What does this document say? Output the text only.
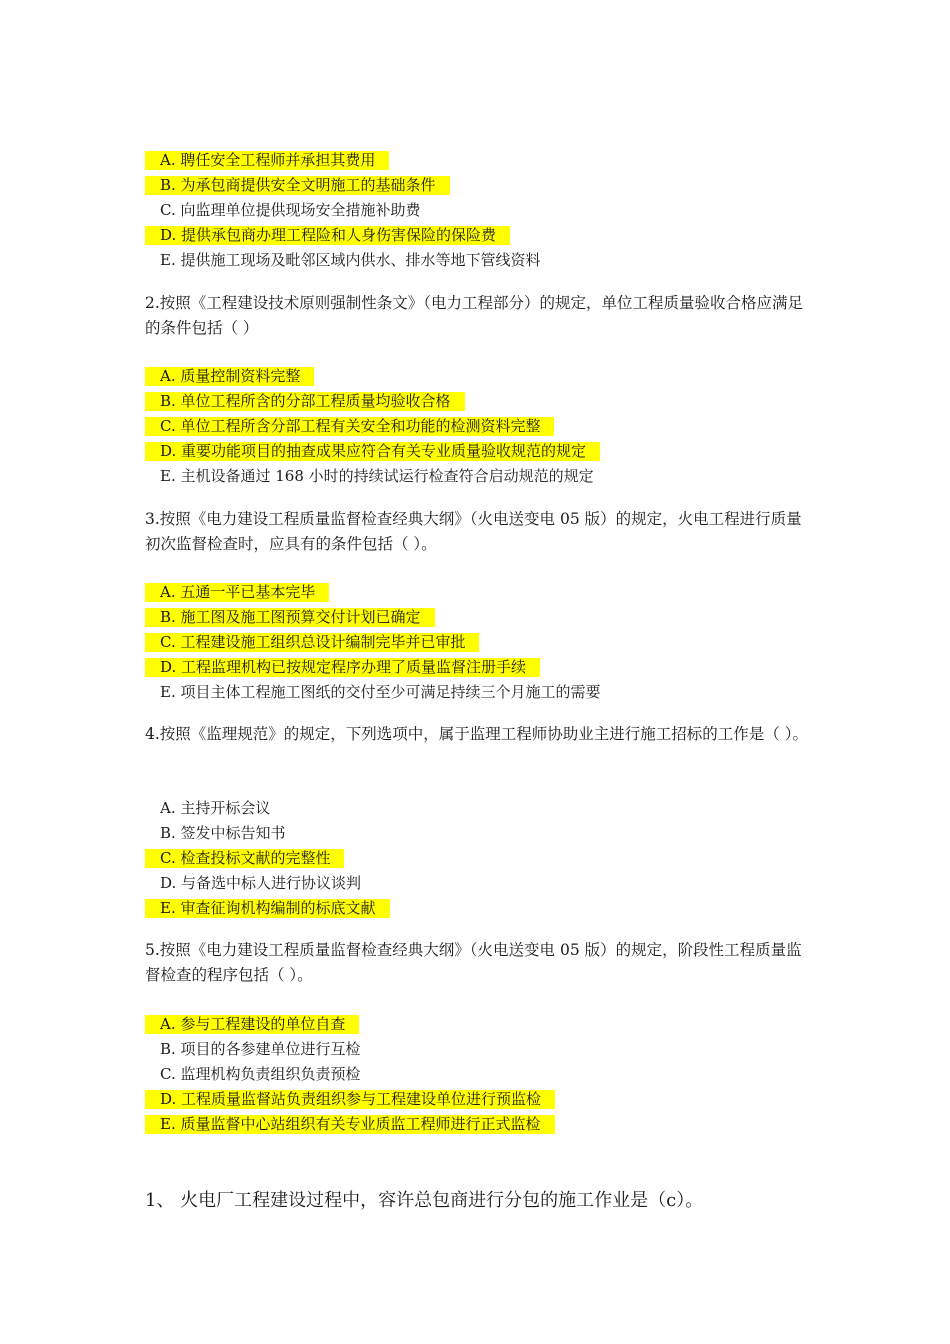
A. 聘任安全工程师并承担其费用
B. 为承包商提供安全文明施工的基础条件
C. 向监理单位提供现场安全措施补助费
D. 提供承包商办理工程险和人身伤害保险的保险费
E. 提供施工现场及毗邻区域内供水、排水等地下管线资料
2.按照《工程建设技术原则强制性条文》（电力工程部分）的规定，单位工程质量验收合格应满足的条件包括（ ）
A. 质量控制资料完整
B. 单位工程所含的分部工程质量均验收合格
C. 单位工程所含分部工程有关安全和功能的检测资料完整
D. 重要功能项目的抽查成果应符合有关专业质量验收规范的规定
E. 主机设备通过 168 小时的持续试运行检查符合启动规范的规定
3.按照《电力建设工程质量监督检查经典大纲》（火电送变电 05 版）的规定，火电工程进行质量初次监督检查时，应具有的条件包括（ ）。
A. 五通一平已基本完毕
B. 施工图及施工图预算交付计划已确定
C. 工程建设施工组织总设计编制完毕并已审批
D. 工程监理机构已按规定程序办理了质量监督注册手续
E. 项目主体工程施工图纸的交付至少可满足持续三个月施工的需要
4.按照《监理规范》的规定，下列选项中，属于监理工程师协助业主进行施工招标的工作是（ ）。
A. 主持开标会议
B. 签发中标告知书
C. 检查投标文献的完整性
D. 与备选中标人进行协议谈判
E. 审查征询机构编制的标底文献
5.按照《电力建设工程质量监督检查经典大纲》（火电送变电 05 版）的规定，阶段性工程质量监督检查的程序包括（ ）。
A. 参与工程建设的单位自查
B. 项目的各参建单位进行互检
C. 监理机构负责组织负责预检
D. 工程质量监督站负责组织参与工程建设单位进行预监检
E. 质量监督中心站组织有关专业质监工程师进行正式监检
1、 火电厂工程建设过程中，容许总包商进行分包的施工作业是（c）。
